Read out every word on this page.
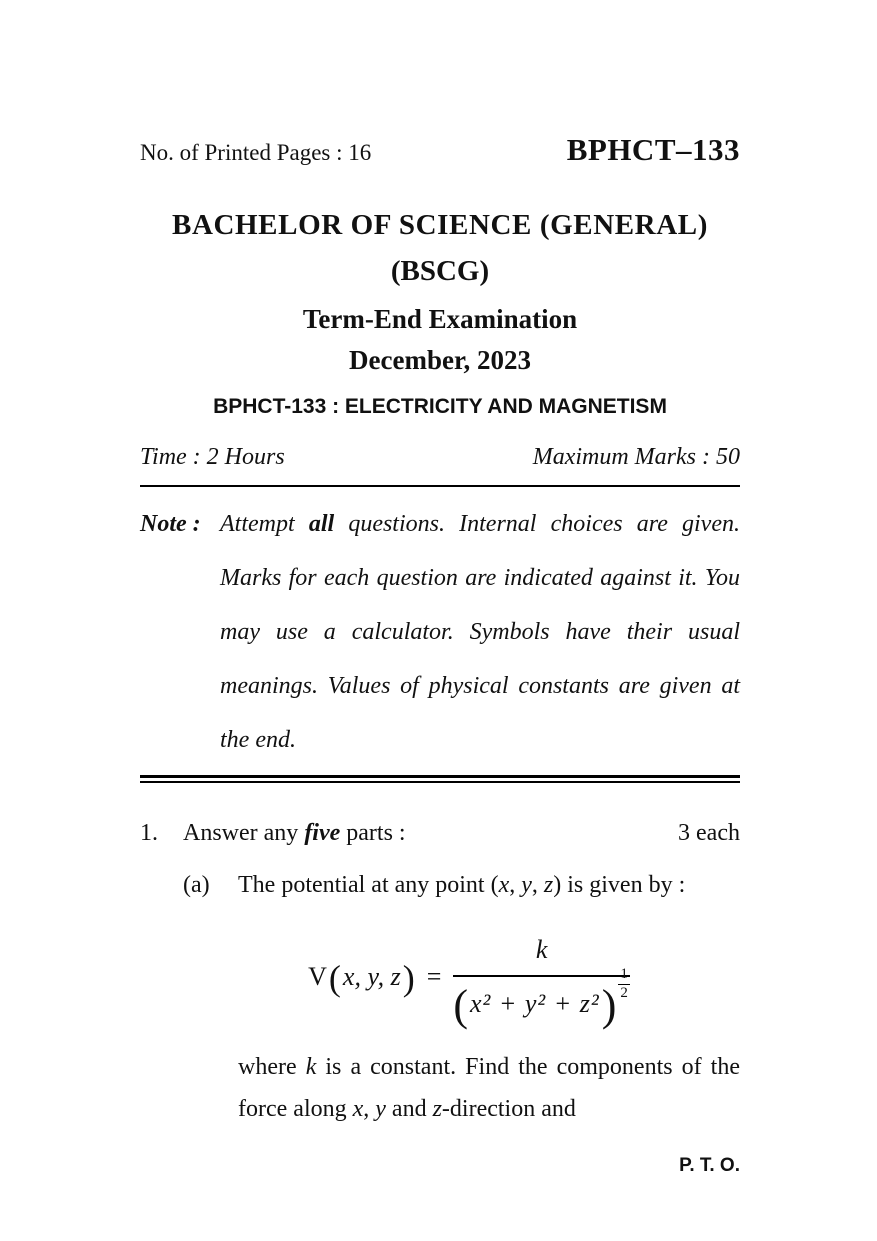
No. of Printed Pages : 16	BPHCT–133
BACHELOR OF SCIENCE (GENERAL)
(BSCG)
Term-End Examination
December, 2023
BPHCT-133 : ELECTRICITY AND MAGNETISM
Time : 2 Hours	Maximum Marks : 50
Note : Attempt all questions. Internal choices are given. Marks for each question are indicated against it. You may use a calculator. Symbols have their usual meanings. Values of physical constants are given at the end.
1.	Answer any five parts :	3 each
(a)	The potential at any point (x, y, z) is given by :
V ( x, y, z ) =
k
( x² + y² + z² ) $\frac{1}{2}$
where k is a constant. Find the components of the force along x, y and z-direction and
P. T. O.
